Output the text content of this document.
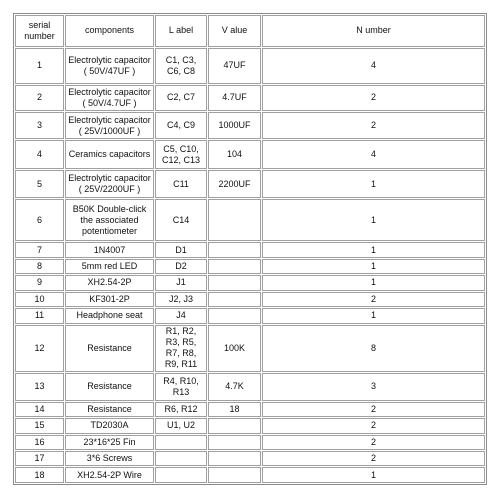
serial number	components	L abel	V alue	N umber
1	Electrolytic capacitor ( 50V/47UF )	C1, C3, C6, C8	47UF	4
2	Electrolytic capacitor ( 50V/4.7UF )	C2, C7	4.7UF	2
3	Electrolytic capacitor ( 25V/1000UF )	C4, C9	1000UF	2
4	Ceramics capacitors	C5, C10, C12, C13	104	4
5	Electrolytic capacitor ( 25V/2200UF )	C11	2200UF	1
6	B50K Double-click the associated potentiometer	C14		1
7	1N4007	D1		1
8	5mm red LED	D2		1
9	XH2.54-2P	J1		1
10	KF301-2P	J2, J3		2
11	Headphone seat	J4		1
12	Resistance	R1, R2, R3, R5, R7, R8, R9, R11	100K	8
13	Resistance	R4, R10, R13	4.7K	3
14	Resistance	R6, R12	18	2
15	TD2030A	U1, U2		2
16	23*16*25 Fin			2
17	3*6 Screws			2
18	XH2.54-2P Wire			1
